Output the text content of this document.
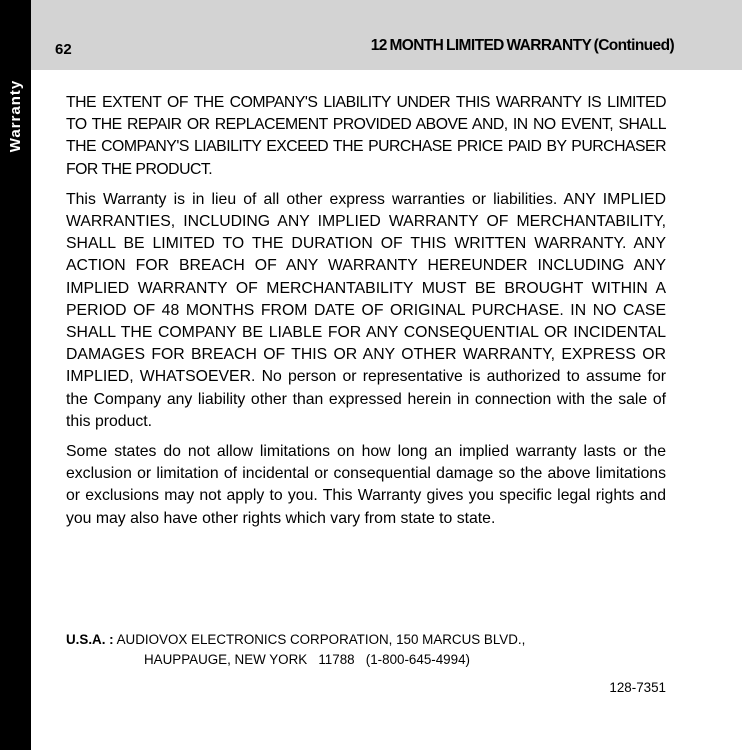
Warranty
62	12 MONTH LIMITED WARRANTY (Continued)

THE EXTENT OF THE COMPANY'S LIABILITY UNDER THIS WARRANTY IS LIMITED TO THE REPAIR OR REPLACEMENT PROVIDED ABOVE AND, IN NO EVENT, SHALL THE COMPANY'S LIABILITY EXCEED THE PURCHASE PRICE PAID BY PURCHASER FOR THE PRODUCT.

This Warranty is in lieu of all other express warranties or liabilities. ANY IMPLIED WARRANTIES, INCLUDING ANY IMPLIED WARRANTY OF MERCHANTABILITY, SHALL BE LIMITED TO THE DURATION OF THIS WRITTEN WARRANTY. ANY ACTION FOR BREACH OF ANY WARRANTY HEREUNDER INCLUDING ANY IMPLIED WARRANTY OF MERCHANTABILITY MUST BE BROUGHT WITHIN A PERIOD OF 48 MONTHS FROM DATE OF ORIGINAL PURCHASE. IN NO CASE SHALL THE COMPANY BE LIABLE FOR ANY CONSEQUENTIAL OR INCIDENTAL DAMAGES FOR BREACH OF THIS OR ANY OTHER WARRANTY, EXPRESS OR IMPLIED, WHATSOEVER. No person or representative is authorized to assume for the Company any liability other than expressed herein in connection with the sale of this product.

Some states do not allow limitations on how long an implied warranty lasts or the exclusion or limitation of incidental or consequential damage so the above limitations or exclusions may not apply to you. This Warranty gives you specific legal rights and you may also have other rights which vary from state to state.

U.S.A. : AUDIOVOX ELECTRONICS CORPORATION, 150 MARCUS BLVD.,
HAUPPAUGE, NEW YORK   11788   (1-800-645-4994)
128-7351
